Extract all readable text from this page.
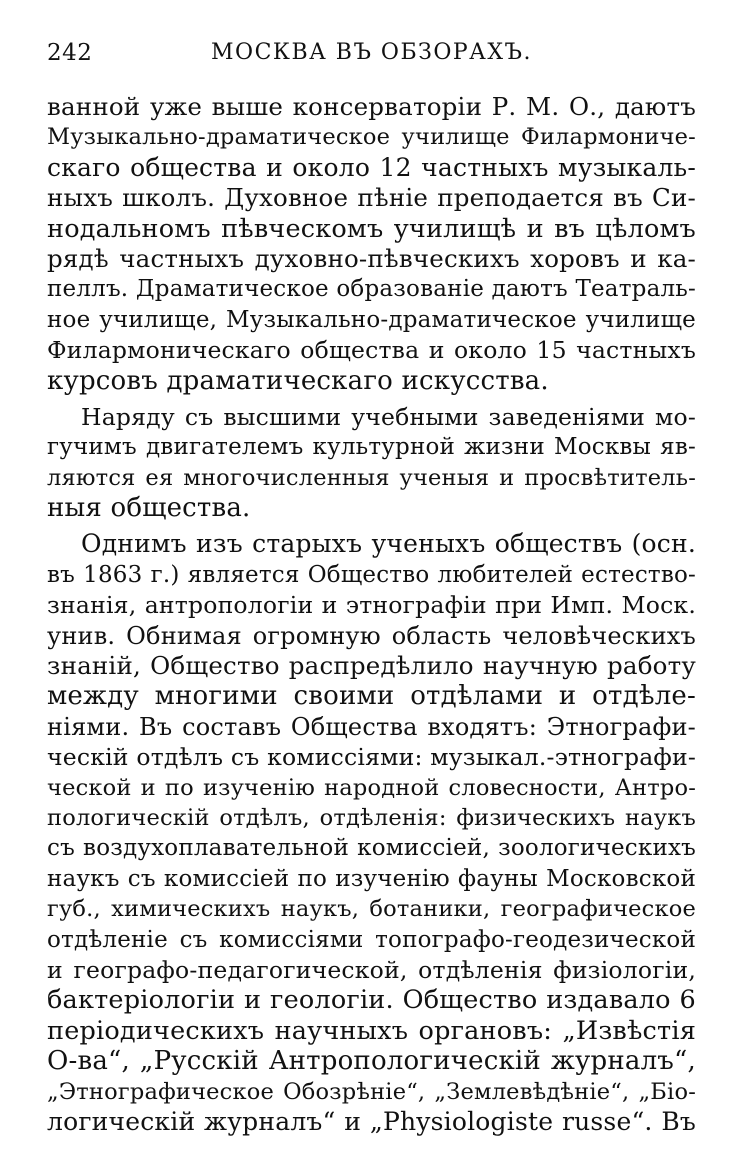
242	МОСКВА ВЪ ОБЗОРАХЪ.
ванной уже выше консерваторіи Р. М. О., даютъ
Музыкально-драматическое училище Филармониче-
скаго общества и около 12 частныхъ музыкаль-
ныхъ школъ. Духовное пѣніе преподается въ Си-
нодальномъ пѣвческомъ училищѣ и въ цѣломъ
рядѣ частныхъ духовно-пѣвческихъ хоровъ и ка-
пеллъ. Драматическое образованіе даютъ Театраль-
ное училище, Музыкально-драматическое училище
Филармоническаго общества и около 15 частныхъ
курсовъ драматическаго искусства.
Наряду съ высшими учебными заведеніями мо-
гучимъ двигателемъ культурной жизни Москвы яв-
ляются ея многочисленныя ученыя и просвѣтитель-
ныя общества.
Однимъ изъ старыхъ ученыхъ обществъ (осн.
въ 1863 г.) является Общество любителей естество-
знанія, антропологіи и этнографіи при Имп. Моск.
унив. Обнимая огромную область человѣческихъ
знаній, Общество распредѣлило научную работу
между многими своими отдѣлами и отдѣле-
ніями. Въ составъ Общества входятъ: Этнографи-
ческій отдѣлъ съ комиссіями: музыкал.-этнографи-
ческой и по изученію народной словесности, Антро-
пологическій отдѣлъ, отдѣленія: физическихъ наукъ
съ воздухоплавательной комиссіей, зоологическихъ
наукъ съ комиссіей по изученію фауны Московской
губ., химическихъ наукъ, ботаники, географическое
отдѣленіе съ комиссіями топографо-геодезической
и географо-педагогической, отдѣленія физіологіи,
бактеріологіи и геологіи. Общество издавало 6
періодическихъ научныхъ органовъ: „Извѣстія
О-ва“, „Русскій Антропологическій журналъ“,
„Этнографическое Обозрѣніе“, „Землевѣдѣніе“, „Біо-
логическій журналъ“ и „Physiologiste russe“. Въ
